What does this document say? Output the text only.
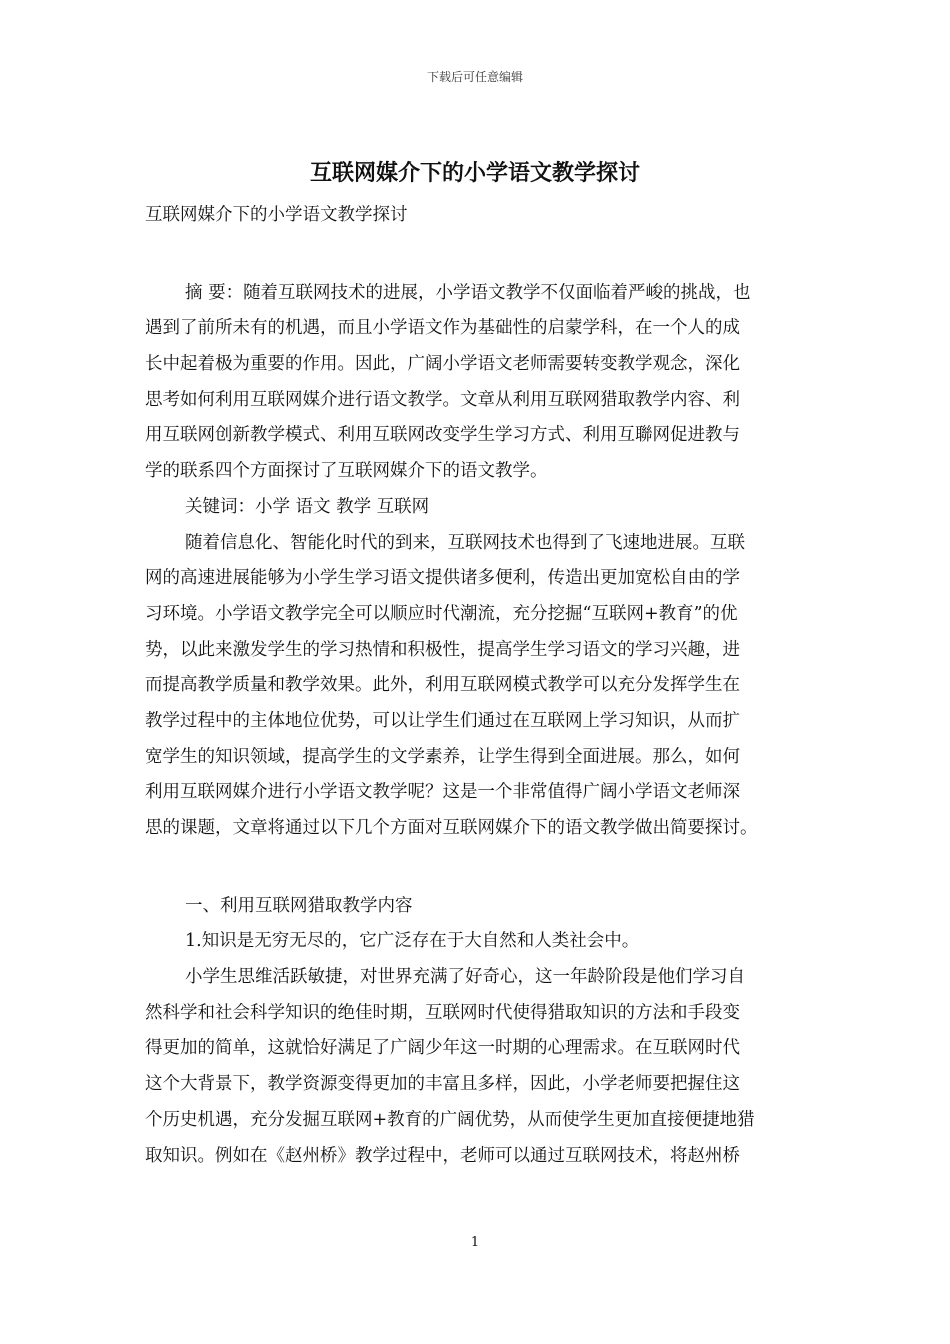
下载后可任意编辑
互联网媒介下的小学语文教学探讨
互联网媒介下的小学语文教学探讨
摘 要：随着互联网技术的进展，小学语文教学不仅面临着严峻的挑战，也
遇到了前所未有的机遇，而且小学语文作为基础性的启蒙学科，在一个人的成
长中起着极为重要的作用。因此，广阔小学语文老师需要转变教学观念，深化
思考如何利用互联网媒介进行语文教学。文章从利用互联网猎取教学内容、利
用互联网创新教学模式、利用互联网改变学生学习方式、利用互聯网促进教与
学的联系四个方面探讨了互联网媒介下的语文教学。
关键词：小学 语文 教学 互联网
随着信息化、智能化时代的到来，互联网技术也得到了飞速地进展。互联
网的高速进展能够为小学生学习语文提供诸多便利，传造出更加宽松自由的学
习环境。小学语文教学完全可以顺应时代潮流，充分挖掘“互联网+教育”的优
势，以此来激发学生的学习热情和积极性，提高学生学习语文的学习兴趣，进
而提高教学质量和教学效果。此外，利用互联网模式教学可以充分发挥学生在
教学过程中的主体地位优势，可以让学生们通过在互联网上学习知识，从而扩
宽学生的知识领域，提高学生的文学素养，让学生得到全面进展。那么，如何
利用互联网媒介进行小学语文教学呢？这是一个非常值得广阔小学语文老师深
思的课题，文章将通过以下几个方面对互联网媒介下的语文教学做出简要探讨。
一、利用互联网猎取教学内容
1.知识是无穷无尽的，它广泛存在于大自然和人类社会中。
小学生思维活跃敏捷，对世界充满了好奇心，这一年龄阶段是他们学习自
然科学和社会科学知识的绝佳时期，互联网时代使得猎取知识的方法和手段变
得更加的简单，这就恰好满足了广阔少年这一时期的心理需求。在互联网时代
这个大背景下，教学资源变得更加的丰富且多样，因此，小学老师要把握住这
个历史机遇，充分发掘互联网+教育的广阔优势，从而使学生更加直接便捷地猎
取知识。例如在《赵州桥》教学过程中，老师可以通过互联网技术，将赵州桥
1
